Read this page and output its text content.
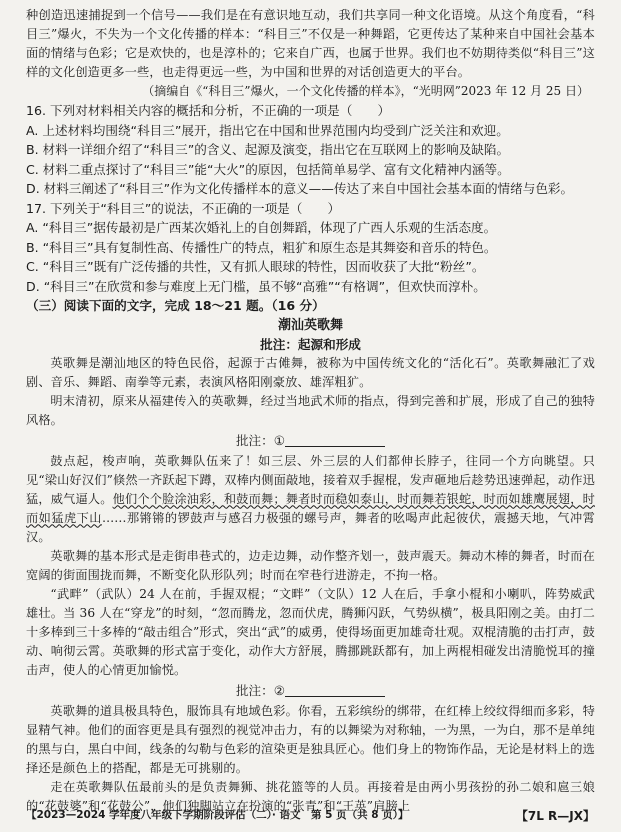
种创造迅速捕捉到一个信号——我们是在有意识地互动，我们共享同一种文化语境。从这个角度看，“科目三”爆火，不失为一个文化传播的样本：“科目三”不仅是一种舞蹈，它更传达了某种来自中国社会基本面的情绪与色彩；它是欢快的，也是淳朴的；它来自广西，也属于世界。我们也不妨期待类似“科目三”这样的文化创造更多一些，也走得更远一些，为中国和世界的对话创造更大的平台。

（摘编自《“科目三”爆火，一个文化传播的样本》，“光明网”2023 年 12 月 25 日）

16. 下列对材料相关内容的概括和分析，不正确的一项是（　　）

A. 上述材料均围绕“科目三”展开，指出它在中国和世界范围内均受到广泛关注和欢迎。

B. 材料一详细介绍了“科目三”的含义、起源及演变，指出它在互联网上的影响及缺陷。

C. 材料二重点探讨了“科目三”能“大火”的原因，包括简单易学、富有文化精神内涵等。

D. 材料三阐述了“科目三”作为文化传播样本的意义——传达了来自中国社会基本面的情绪与色彩。

17. 下列关于“科目三”的说法，不正确的一项是（　　）

A. “科目三”据传最初是广西某次婚礼上的自创舞蹈，体现了广西人乐观的生活态度。

B. “科目三”具有复制性高、传播性广的特点，粗犷和原生态是其舞姿和音乐的特色。

C. “科目三”既有广泛传播的共性，又有抓人眼球的特性，因而收获了大批“粉丝”。

D. “科目三”在欣赏和参与难度上无门槛，虽不够“高雅”“有格调”，但欢快而淳朴。

（三）阅读下面的文字，完成 18～21 题。（16 分）

潮汕英歌舞

批注：起源和形成

英歌舞是潮汕地区的特色民俗，起源于古傩舞，被称为中国传统文化的“活化石”。英歌舞融汇了戏剧、音乐、舞蹈、南拳等元素，表演风格阳刚豪放、雄浑粗犷。

明末清初，原来从福建传入的英歌舞，经过当地武术师的指点，得到完善和扩展，形成了自己的独特风格。

批注：①

鼓点起，梭声响，英歌舞队伍来了！如三层、外三层的人们都伸长脖子，往同一个方向眺望。只见“梁山好汉们”倏然一齐跃起下蹲，双棒内侧面敲地，接着双手握棍，发声砸地后趁势迅速弹起，动作迅猛，威气逼人。他们个个脸涂油彩，和鼓而舞；舞者时而稳如泰山，时而舞若银蛇，时而如雄鹰展翅，时而如猛虎下山……那锵锵的锣鼓声与感召力极强的螺号声，舞者的吆喝声此起彼伏，震撼天地，气冲霄汉。

英歌舞的基本形式是走街串巷式的，边走边舞，动作整齐划一，鼓声震天。舞动木棒的舞者，时而在宽阔的街面围拢而舞，不断变化队形队列；时而在窄巷行进游走，不拘一格。

“武畔”（武队）24 人在前，手握双棍；“文畔”（文队）12 人在后，手拿小棍和小喇叭，阵势威武雄壮。当 36 人在“穿龙”的时刻，“忽而腾龙，忽而伏虎，腾狮闪跃，气势纵横”，极具阳刚之美。由打二十多棒到三十多棒的“敲击组合”形式，突出“武”的威勇，使得场面更加雄奇壮观。双棍清脆的击打声，鼓动、响彻云霄。英歌舞的形式富于变化，动作大方舒展，腾挪跳跃都有，加上两棍相碰发出清脆悦耳的撞击声，使人的心情更加愉悦。

批注：②

英歌舞的道具极具特色，服饰具有地域色彩。你看，五彩缤纷的绑带，在红棒上绞纹得细而多彩，特显精气神。他们的面容更是具有强烈的视觉冲击力，有的以舞梁为对称轴，一为黑，一为白，那不是单纯的黑与白，黑白中间，线条的勾勒与色彩的渲染更是独具匠心。他们身上的物饰作品，无论是材料上的选择还是颜色上的搭配，都是无可挑剔的。

走在英歌舞队伍最前头的是负责舞狮、挑花篮等的人员。再接着是由两小男孩扮的孙二娘和扈三娘的“花鼓婆”和“花鼓公”，他们独脚站立在扮演的“张青”和“王英”肩膀上

【2023—2024 学年度八年级下学期阶段评估（二）· 语文　第 5 页（共 8 页）】	【7L R—JX】
